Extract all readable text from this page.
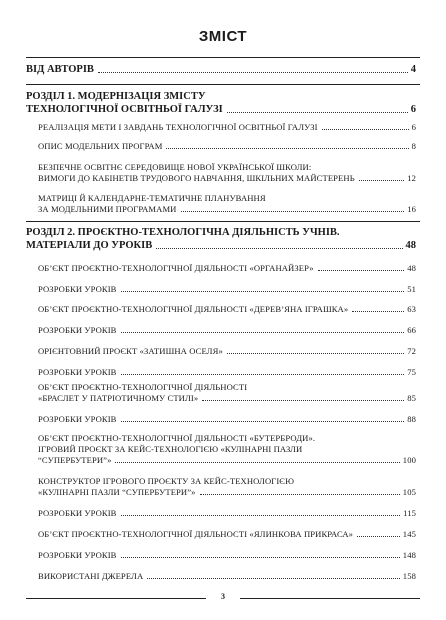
ЗМІСТ
ВІД АВТОРІВ	4
РОЗДІЛ 1. МОДЕРНІЗАЦІЯ ЗМІСТУ
ТЕХНОЛОГІЧНОЇ ОСВІТНЬОЇ ГАЛУЗІ	6
РЕАЛІЗАЦІЯ МЕТИ І ЗАВДАНЬ ТЕХНОЛОГІЧНОЇ ОСВІТНЬОЇ ГАЛУЗІ	6
ОПИС МОДЕЛЬНИХ ПРОГРАМ	8
БЕЗПЕЧНЕ ОСВІТНЄ СЕРЕДОВИЩЕ НОВОЇ УКРАЇНСЬКОЇ ШКОЛИ:
ВИМОГИ ДО КАБІНЕТІВ ТРУДОВОГО НАВЧАННЯ, ШКІЛЬНИХ МАЙСТЕРЕНЬ	12
МАТРИЦІ Й КАЛЕНДАРНЕ-ТЕМАТИЧНЕ ПЛАНУВАННЯ
ЗА МОДЕЛЬНИМИ ПРОГРАМАМИ	16
РОЗДІЛ 2. ПРОЄКТНО-ТЕХНОЛОГІЧНА ДІЯЛЬНІСТЬ УЧНІВ.
МАТЕРІАЛИ ДО УРОКІВ	48
ОБ’ЄКТ ПРОЄКТНО-ТЕХНОЛОГІЧНОЇ ДІЯЛЬНОСТІ «ОРГАНАЙЗЕР»	48
РОЗРОБКИ УРОКІВ	51
ОБ’ЄКТ ПРОЄКТНО-ТЕХНОЛОГІЧНОЇ ДІЯЛЬНОСТІ «ДЕРЕВ’ЯНА ІГРАШКА»	63
РОЗРОБКИ УРОКІВ	66
ОРІЄНТОВНИЙ ПРОЄКТ «ЗАТИШНА ОСЕЛЯ»	72
РОЗРОБКИ УРОКІВ	75
ОБ’ЄКТ ПРОЄКТНО-ТЕХНОЛОГІЧНОЇ ДІЯЛЬНОСТІ
«БРАСЛЕТ У ПАТРІОТИЧНОМУ СТИЛІ»	85
РОЗРОБКИ УРОКІВ	88
ОБ’ЄКТ ПРОЄКТНО-ТЕХНОЛОГІЧНОЇ ДІЯЛЬНОСТІ «БУТЕРБРОДИ».
ІГРОВИЙ ПРОЄКТ ЗА КЕЙС-ТЕХНОЛОГІЄЮ «КУЛІНАРНІ ПАЗЛИ
“СУПЕРБУТЕРИ”»	100
КОНСТРУКТОР ІГРОВОГО ПРОЄКТУ ЗА КЕЙС-ТЕХНОЛОГІЄЮ
«КУЛІНАРНІ ПАЗЛИ “СУПЕРБУТЕРИ”»	105
РОЗРОБКИ УРОКІВ	115
ОБ’ЄКТ ПРОЄКТНО-ТЕХНОЛОГІЧНОЇ ДІЯЛЬНОСТІ «ЯЛИНКОВА ПРИКРАСА»	145
РОЗРОБКИ УРОКІВ	148
ВИКОРИСТАНІ ДЖЕРЕЛА	158
3
